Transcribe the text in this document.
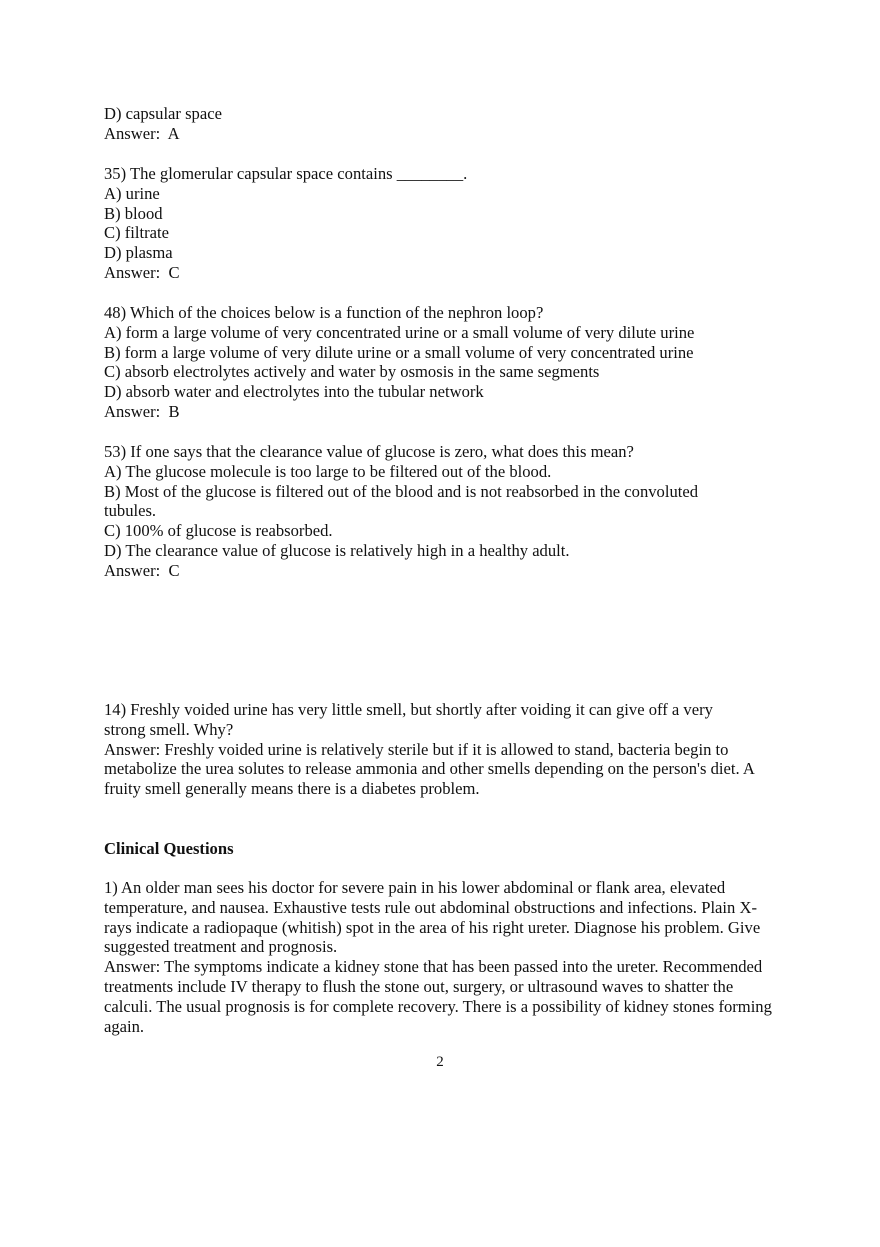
D) capsular space
Answer:  A
35) The glomerular capsular space contains ________.
A) urine
B) blood
C) filtrate
D) plasma
Answer:  C
48) Which of the choices below is a function of the nephron loop?
A) form a large volume of very concentrated urine or a small volume of very dilute urine
B) form a large volume of very dilute urine or a small volume of very concentrated urine
C) absorb electrolytes actively and water by osmosis in the same segments
D) absorb water and electrolytes into the tubular network
Answer:  B
53) If one says that the clearance value of glucose is zero, what does this mean?
A) The glucose molecule is too large to be filtered out of the blood.
B) Most of the glucose is filtered out of the blood and is not reabsorbed in the convoluted tubules.
C) 100% of glucose is reabsorbed.
D) The clearance value of glucose is relatively high in a healthy adult.
Answer:  C
14) Freshly voided urine has very little smell, but shortly after voiding it can give off a very strong smell. Why?
Answer: Freshly voided urine is relatively sterile but if it is allowed to stand, bacteria begin to metabolize the urea solutes to release ammonia and other smells depending on the person's diet. A fruity smell generally means there is a diabetes problem.
Clinical Questions
1) An older man sees his doctor for severe pain in his lower abdominal or flank area, elevated temperature, and nausea. Exhaustive tests rule out abdominal obstructions and infections. Plain X-rays indicate a radiopaque (whitish) spot in the area of his right ureter. Diagnose his problem. Give suggested treatment and prognosis.
Answer: The symptoms indicate a kidney stone that has been passed into the ureter. Recommended treatments include IV therapy to flush the stone out, surgery, or ultrasound waves to shatter the calculi. The usual prognosis is for complete recovery. There is a possibility of kidney stones forming again.
2
